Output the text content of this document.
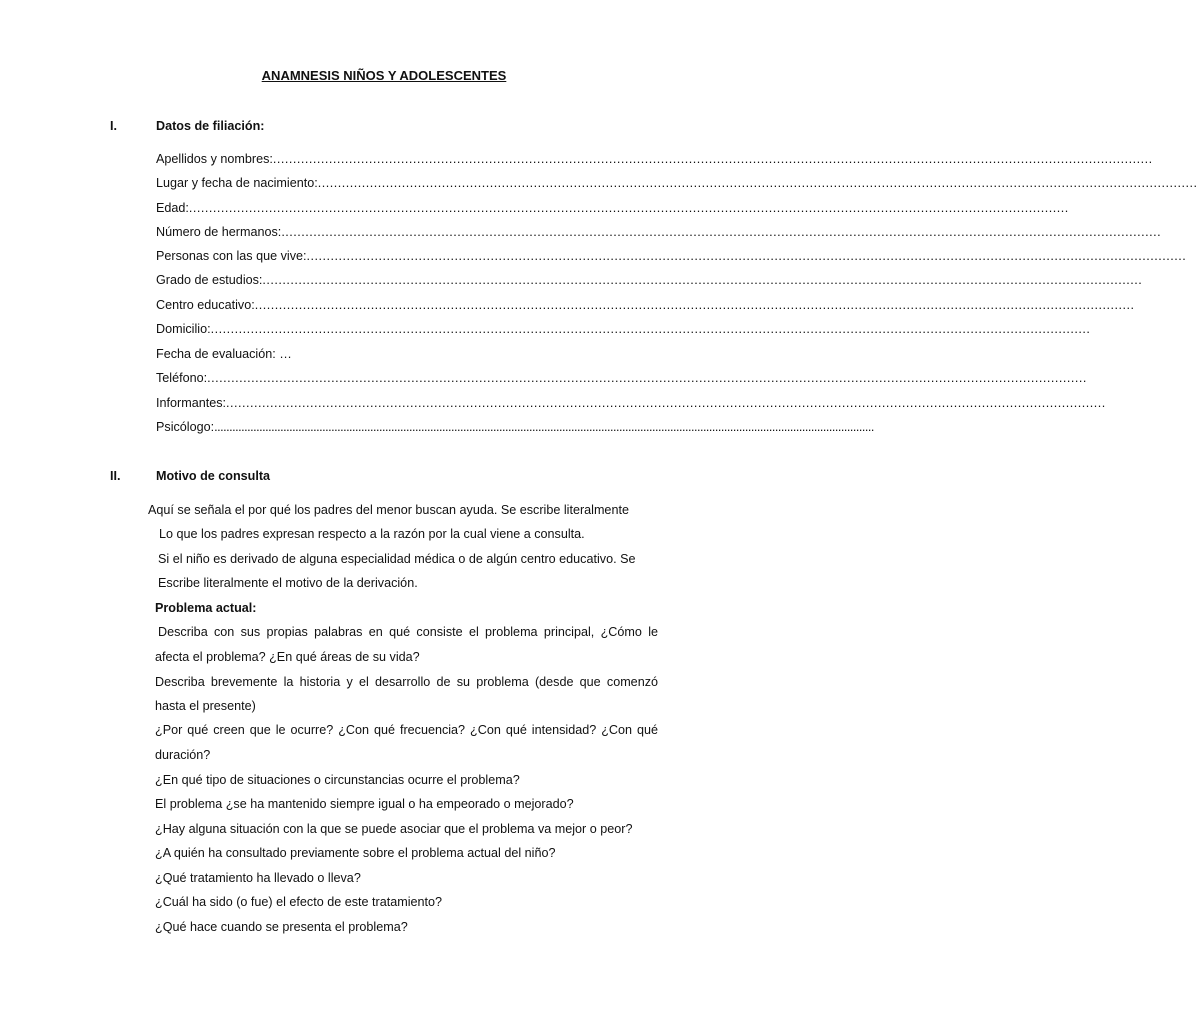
ANAMNESIS NIÑOS Y ADOLESCENTES
I.	Datos de filiación:
Apellidos y nombres: ............................................................................................................................................................................................................................
Lugar y fecha de nacimiento: ............................................................................................................................................................................................................................
Edad: ............................................................................................................................................................................................................................
Número de hermanos: ............................................................................................................................................................................................................................
Personas con las que vive: ............................................................................................................................................................................................................................
Grado de estudios: ............................................................................................................................................................................................................................
Centro educativo: ............................................................................................................................................................................................................................
Domicilio: ............................................................................................................................................................................................................................
Fecha de evaluación: …
Teléfono: ............................................................................................................................................................................................................................
Informantes: ............................................................................................................................................................................................................................
Psicólogo: ............................................................................................................................................................................................................................
II.	Motivo de consulta
Aquí se señala el por qué los padres del menor buscan ayuda. Se escribe literalmente
Lo que los padres expresan respecto a la razón por la cual viene a consulta.
Si el niño es derivado de alguna especialidad médica o de algún centro educativo. Se
Escribe literalmente el motivo de la derivación.
Problema actual:
Describa con sus propias palabras en qué consiste el problema principal, ¿Cómo le
afecta el problema? ¿En qué áreas de su vida?
Describa brevemente la historia y el desarrollo de su problema (desde que comenzó
hasta el presente)
¿Por qué creen que le ocurre? ¿Con qué frecuencia? ¿Con qué intensidad? ¿Con qué
duración?
¿En qué tipo de situaciones o circunstancias ocurre el problema?
El problema ¿se ha mantenido siempre igual o ha empeorado o mejorado?
¿Hay alguna situación con la que se puede asociar que el problema va mejor o peor?
¿A quién ha consultado previamente sobre el problema actual del niño?
¿Qué tratamiento ha llevado o lleva?
¿Cuál ha sido (o fue) el efecto de este tratamiento?
¿Qué hace cuando se presenta el problema?
